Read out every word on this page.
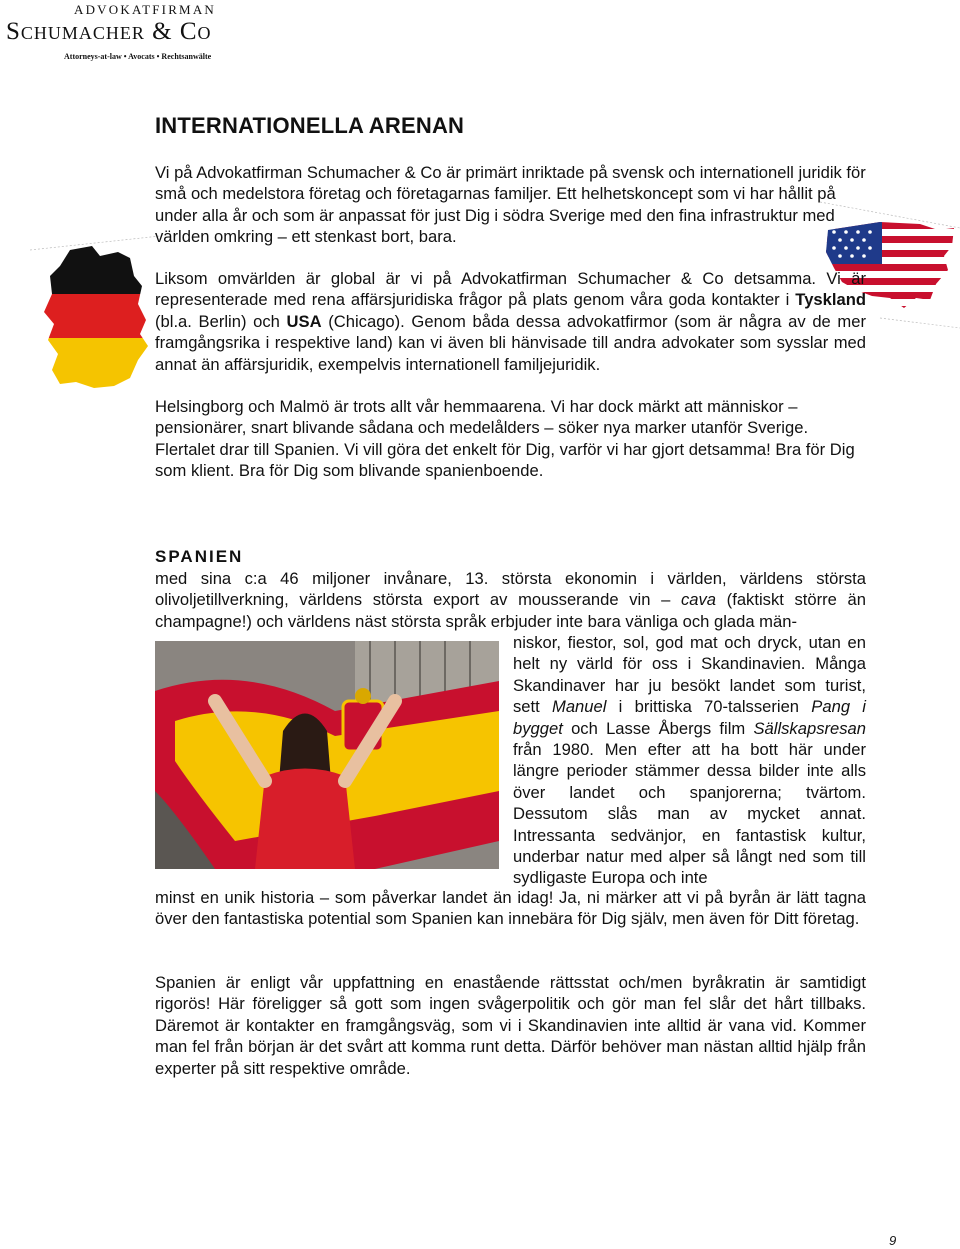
ADVOKATFIRMAN
Schumacher & Co
Attorneys-at-law • Avocats • Rechtsanwälte
INTERNATIONELLA ARENAN

Vi på Advokatfirman Schumacher & Co är primärt inriktade på svensk och internationell juridik för små och medelstora företag och företagarnas familjer. Ett helhetskoncept som vi har hållit på under alla år och som är anpassat för just Dig i södra Sverige med den fina infrastruktur med världen omkring – ett stenkast bort, bara.

Liksom omvärlden är global är vi på Advokatfirman Schumacher & Co detsamma. Vi är representerade med rena affärsjuridiska frågor på plats genom våra goda kontakter i Tyskland (bl.a. Berlin) och USA (Chicago). Genom båda dessa advokatfirmor (som är några av de mer framgångsrika i respektive land) kan vi även bli hänvisade till andra advokater som sysslar med annat än affärsjuridik, exempelvis internationell familjejuridik.

Helsingborg och Malmö är trots allt vår hemmaarena. Vi har dock märkt att människor – pensionärer, snart blivande sådana och medelålders – söker nya marker utanför Sverige. Flertalet drar till Spanien. Vi vill göra det enkelt för Dig, varför vi har gjort detsamma! Bra för Dig som klient. Bra för Dig som blivande spanienboende.

SPANIEN

med sina c:a 46 miljoner invånare, 13. största ekonomin i världen, världens största olivoljetillverkning, världens största export av mousserande vin – cava (faktiskt större än champagne!) och världens näst största språk erbjuder inte bara vänliga och glada män-

niskor, fiestor, sol, god mat och dryck, utan en helt ny värld för oss i Skandinavien. Många Skandinaver har ju besökt landet som turist, sett Manuel i brittiska 70-talsserien Pang i bygget och Lasse Åbergs film Sällskapsresan från 1980. Men efter att ha bott här under längre perioder stämmer dessa bilder inte alls över landet och spanjorerna; tvärtom. Dessutom slås man av mycket annat. Intressanta sedvänjor, en fantastisk kultur, underbar natur med alper så långt ned som till sydligaste Europa och inte

minst en unik historia – som påverkar landet än idag! Ja, ni märker att vi på byrån är lätt tagna över den fantastiska potential som Spanien kan innebära för Dig själv, men även för Ditt företag.

Spanien är enligt vår uppfattning en enastående rättsstat och/men byråkratin är samtidigt rigorös! Här föreligger så gott som ingen svågerpolitik och gör man fel slår det hårt tillbaks. Däremot är kontakter en framgångsväg, som vi i Skandinavien inte alltid är vana vid. Kommer man fel från början är det svårt att komma runt detta. Därför behöver man nästan alltid hjälp från experter på sitt respektive område.

9
